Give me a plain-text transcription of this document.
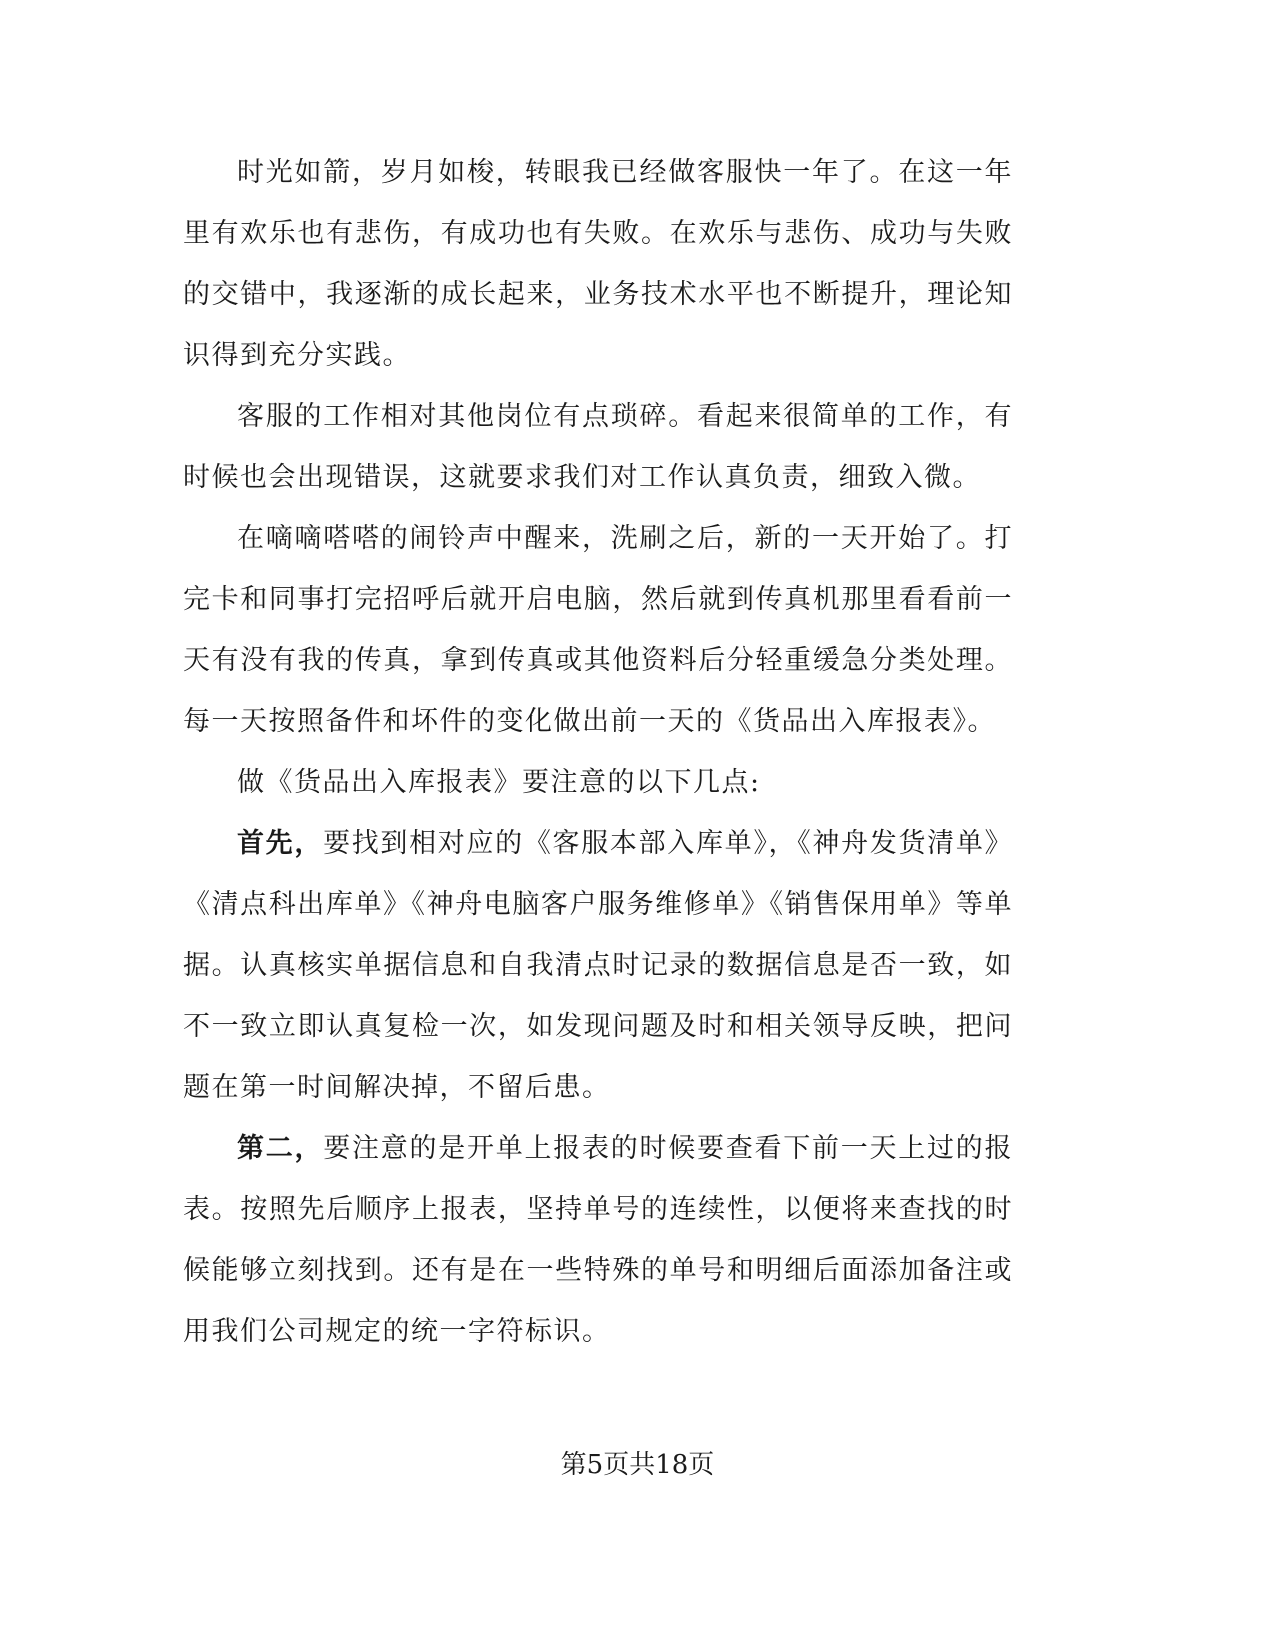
时光如箭，岁月如梭，转眼我已经做客服快一年了。在这一年里有欢乐也有悲伤，有成功也有失败。在欢乐与悲伤、成功与失败的交错中，我逐渐的成长起来，业务技术水平也不断提升，理论知识得到充分实践。

客服的工作相对其他岗位有点琐碎。看起来很简单的工作，有时候也会出现错误，这就要求我们对工作认真负责，细致入微。

在嘀嘀嗒嗒的闹铃声中醒来，洗刷之后，新的一天开始了。打完卡和同事打完招呼后就开启电脑，然后就到传真机那里看看前一天有没有我的传真，拿到传真或其他资料后分轻重缓急分类处理。每一天按照备件和坏件的变化做出前一天的《货品出入库报表》。

做《货品出入库报表》要注意的以下几点:

首先，要找到相对应的《客服本部入库单》，《神舟发货清单》《清点科出库单》《神舟电脑客户服务维修单》《销售保用单》等单据。认真核实单据信息和自我清点时记录的数据信息是否一致，如不一致立即认真复检一次，如发现问题及时和相关领导反映，把问题在第一时间解决掉，不留后患。

第二，要注意的是开单上报表的时候要查看下前一天上过的报表。按照先后顺序上报表，坚持单号的连续性，以便将来查找的时候能够立刻找到。还有是在一些特殊的单号和明细后面添加备注或用我们公司规定的统一字符标识。

第5页共18页
